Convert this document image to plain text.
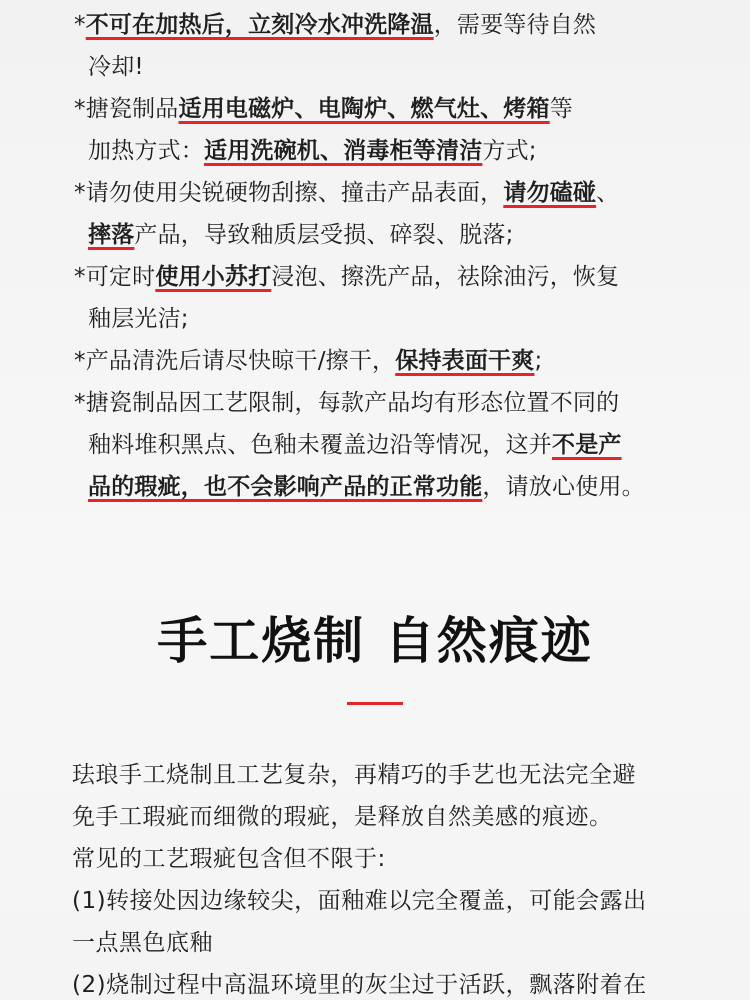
*不可在加热后，立刻冷水冲洗降温，需要等待自然
冷却!
*搪瓷制品适用电磁炉、电陶炉、燃气灶、烤箱等
加热方式：适用洗碗机、消毒柜等清洁方式;
*请勿使用尖锐硬物刮擦、撞击产品表面，请勿磕碰、
摔落产品，导致釉质层受损、碎裂、脱落;
*可定时使用小苏打浸泡、擦洗产品，祛除油污，恢复
釉层光洁;
*产品清洗后请尽快晾干/擦干，保持表面干爽;
*搪瓷制品因工艺限制，每款产品均有形态位置不同的
釉料堆积黑点、色釉未覆盖边沿等情况，这并不是产
品的瑕疵，也不会影响产品的正常功能，请放心使用。
手工烧制 自然痕迹

珐琅手工烧制且工艺复杂，再精巧的手艺也无法完全避

免手工瑕疵而细微的瑕疵，是释放自然美感的痕迹。

常见的工艺瑕疵包含但不限于:

(1)转接处因边缘较尖，面釉难以完全覆盖，可能会露出

一点黑色底釉

(2)烧制过程中高温环境里的灰尘过于活跃，飘落附着在
